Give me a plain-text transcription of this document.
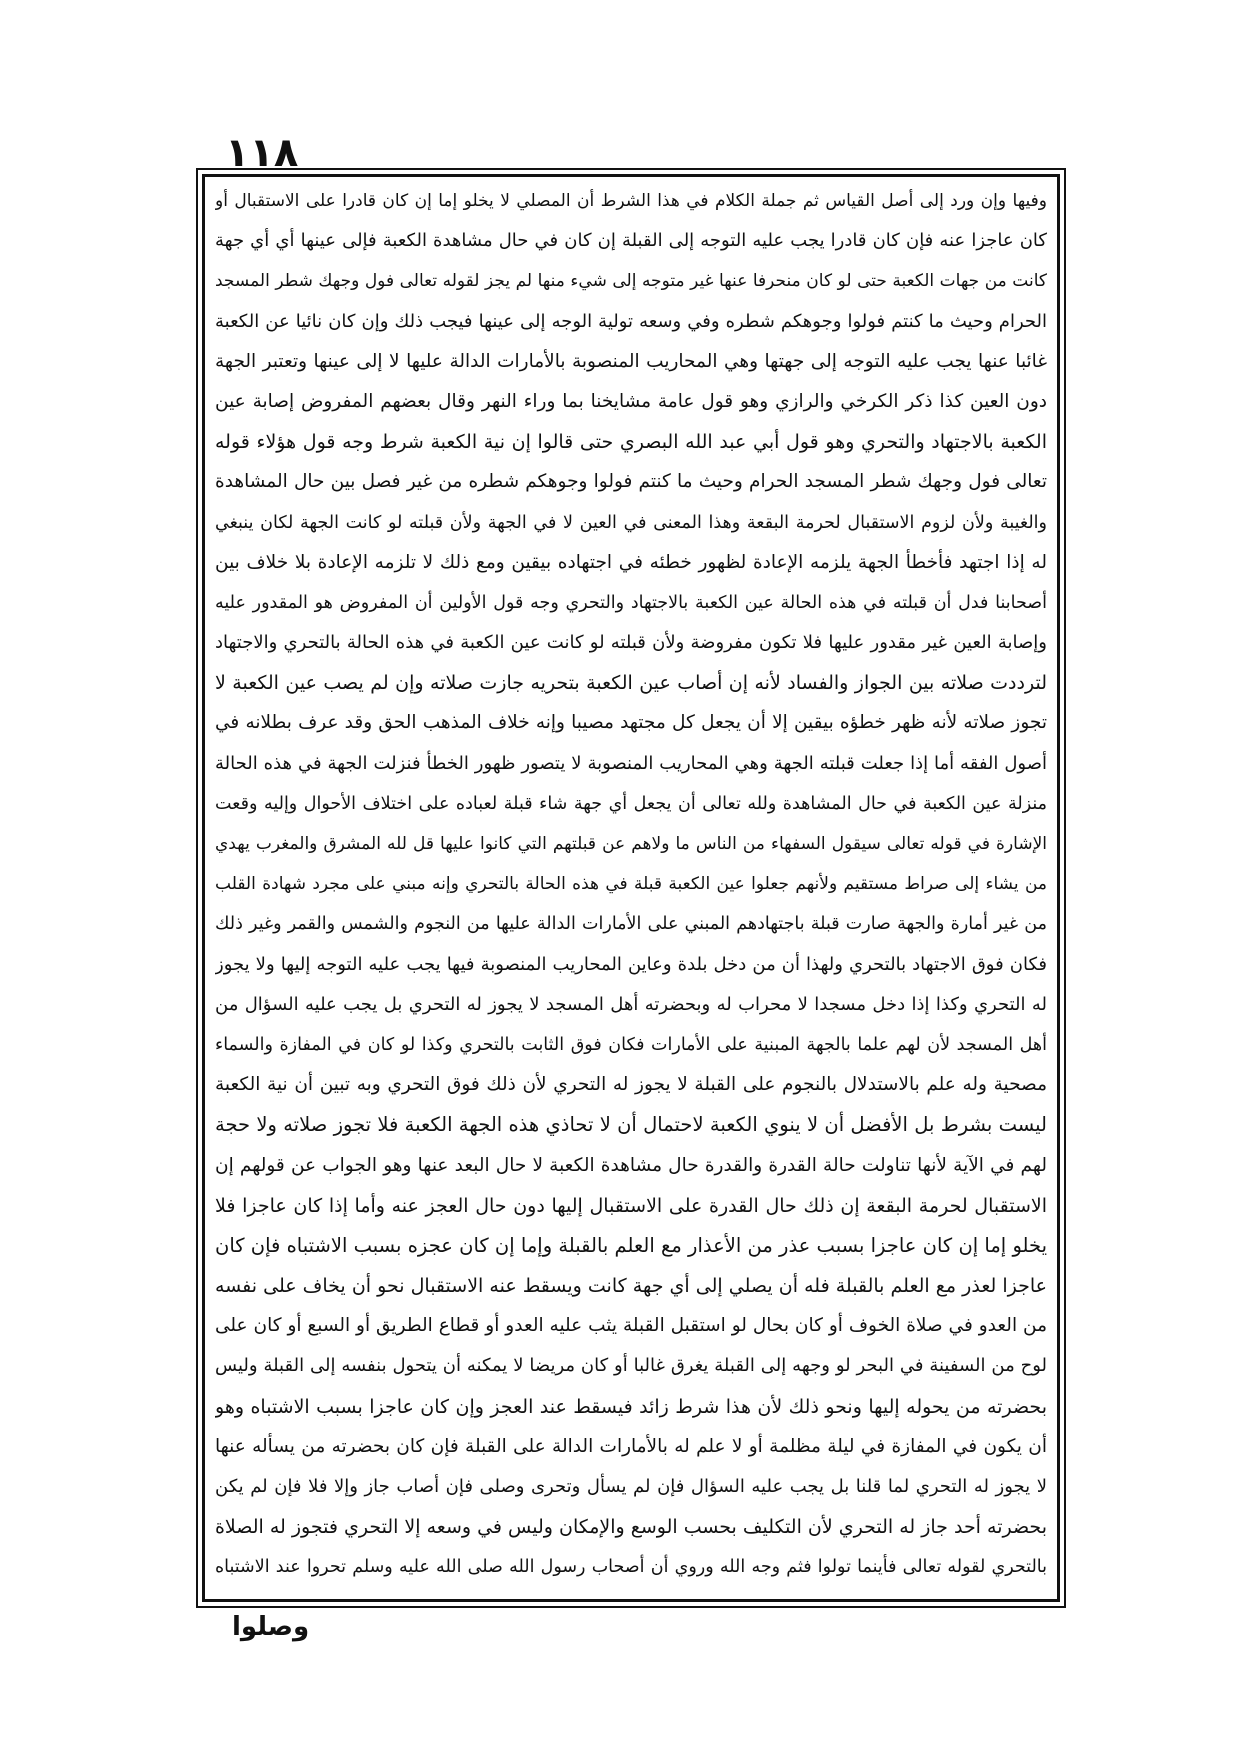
١١٨
وفيها وإن ورد إلى أصل القياس ثم جملة الكلام في هذا الشرط أن المصلي لا يخلو إما إن كان قادرا على الاستقبال أو
كان عاجزا عنه فإن كان قادرا يجب عليه التوجه إلى القبلة إن كان في حال مشاهدة الكعبة فإلى عينها أي أي جهة
كانت من جهات الكعبة حتى لو كان منحرفا عنها غير متوجه إلى شيء منها لم يجز لقوله تعالى فول وجهك شطر المسجد
الحرام وحيث ما كنتم فولوا وجوهكم شطره وفي وسعه تولية الوجه إلى عينها فيجب ذلك وإن كان نائيا عن الكعبة
غائبا عنها يجب عليه التوجه إلى جهتها وهي المحاريب المنصوبة بالأمارات الدالة عليها لا إلى عينها وتعتبر الجهة
دون العين كذا ذكر الكرخي والرازي وهو قول عامة مشايخنا بما وراء النهر وقال بعضهم المفروض إصابة عين
الكعبة بالاجتهاد والتحري وهو قول أبي عبد الله البصري حتى قالوا إن نية الكعبة شرط وجه قول هؤلاء قوله
تعالى فول وجهك شطر المسجد الحرام وحيث ما كنتم فولوا وجوهكم شطره من غير فصل بين حال المشاهدة
والغيبة ولأن لزوم الاستقبال لحرمة البقعة وهذا المعنى في العين لا في الجهة ولأن قبلته لو كانت الجهة لكان ينبغي
له إذا اجتهد فأخطأ الجهة يلزمه الإعادة لظهور خطئه في اجتهاده بيقين ومع ذلك لا تلزمه الإعادة بلا خلاف بين
أصحابنا فدل أن قبلته في هذه الحالة عين الكعبة بالاجتهاد والتحري وجه قول الأولين أن المفروض هو المقدور عليه
وإصابة العين غير مقدور عليها فلا تكون مفروضة ولأن قبلته لو كانت عين الكعبة في هذه الحالة بالتحري والاجتهاد
لترددت صلاته بين الجواز والفساد لأنه إن أصاب عين الكعبة بتحريه جازت صلاته وإن لم يصب عين الكعبة لا
تجوز صلاته لأنه ظهر خطؤه بيقين إلا أن يجعل كل مجتهد مصيبا وإنه خلاف المذهب الحق وقد عرف بطلانه في
أصول الفقه أما إذا جعلت قبلته الجهة وهي المحاريب المنصوبة لا يتصور ظهور الخطأ فنزلت الجهة في هذه الحالة
منزلة عين الكعبة في حال المشاهدة ولله تعالى أن يجعل أي جهة شاء قبلة لعباده على اختلاف الأحوال وإليه وقعت
الإشارة في قوله تعالى سيقول السفهاء من الناس ما ولاهم عن قبلتهم التي كانوا عليها قل لله المشرق والمغرب يهدي
من يشاء إلى صراط مستقيم ولأنهم جعلوا عين الكعبة قبلة في هذه الحالة بالتحري وإنه مبني على مجرد شهادة القلب
من غير أمارة والجهة صارت قبلة باجتهادهم المبني على الأمارات الدالة عليها من النجوم والشمس والقمر وغير ذلك
فكان فوق الاجتهاد بالتحري ولهذا أن من دخل بلدة وعاين المحاريب المنصوبة فيها يجب عليه التوجه إليها ولا يجوز
له التحري وكذا إذا دخل مسجدا لا محراب له وبحضرته أهل المسجد لا يجوز له التحري بل يجب عليه السؤال من
أهل المسجد لأن لهم علما بالجهة المبنية على الأمارات فكان فوق الثابت بالتحري وكذا لو كان في المفازة والسماء
مصحية وله علم بالاستدلال بالنجوم على القبلة لا يجوز له التحري لأن ذلك فوق التحري وبه تبين أن نية الكعبة
ليست بشرط بل الأفضل أن لا ينوي الكعبة لاحتمال أن لا تحاذي هذه الجهة الكعبة فلا تجوز صلاته ولا حجة
لهم في الآية لأنها تناولت حالة القدرة والقدرة حال مشاهدة الكعبة لا حال البعد عنها وهو الجواب عن قولهم إن
الاستقبال لحرمة البقعة إن ذلك حال القدرة على الاستقبال إليها دون حال العجز عنه وأما إذا كان عاجزا فلا
يخلو إما إن كان عاجزا بسبب عذر من الأعذار مع العلم بالقبلة وإما إن كان عجزه بسبب الاشتباه فإن كان
عاجزا لعذر مع العلم بالقبلة فله أن يصلي إلى أي جهة كانت ويسقط عنه الاستقبال نحو أن يخاف على نفسه
من العدو في صلاة الخوف أو كان بحال لو استقبل القبلة يثب عليه العدو أو قطاع الطريق أو السبع أو كان على
لوح من السفينة في البحر لو وجهه إلى القبلة يغرق غالبا أو كان مريضا لا يمكنه أن يتحول بنفسه إلى القبلة وليس
بحضرته من يحوله إليها ونحو ذلك لأن هذا شرط زائد فيسقط عند العجز وإن كان عاجزا بسبب الاشتباه وهو
أن يكون في المفازة في ليلة مظلمة أو لا علم له بالأمارات الدالة على القبلة فإن كان بحضرته من يسأله عنها
لا يجوز له التحري لما قلنا بل يجب عليه السؤال فإن لم يسأل وتحرى وصلى فإن أصاب جاز وإلا فلا فإن لم يكن
بحضرته أحد جاز له التحري لأن التكليف بحسب الوسع والإمكان وليس في وسعه إلا التحري فتجوز له الصلاة
بالتحري لقوله تعالى فأينما تولوا فثم وجه الله وروي أن أصحاب رسول الله صلى الله عليه وسلم تحروا عند الاشتباه
وصلوا
